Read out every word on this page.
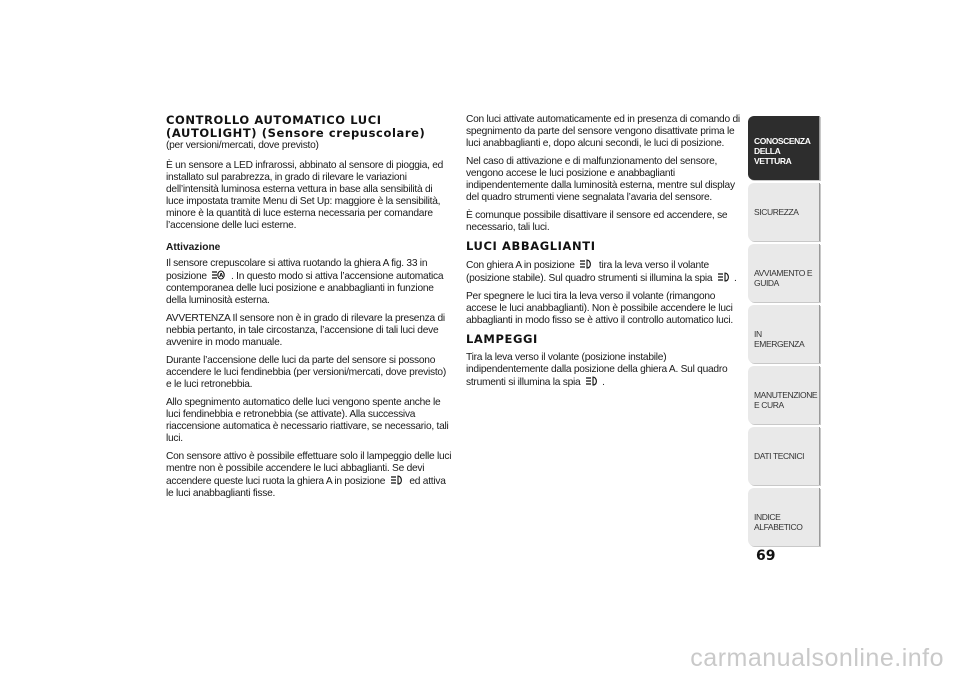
CONTROLLO AUTOMATICO LUCI
(AUTOLIGHT) (Sensore crepuscolare)
(per versioni/mercati, dove previsto)

È un sensore a LED infrarossi, abbinato al sensore di pioggia, ed installato sul parabrezza, in grado di rilevare le variazioni dell’intensità luminosa esterna vettura in base alla sensibilità di luce impostata tramite Menu di Set Up: maggiore è la sensibilità, minore è la quantità di luce esterna necessaria per comandare l’accensione delle luci esterne.

Attivazione

Il sensore crepuscolare si attiva ruotando la ghiera A fig. 33 in posizione	A . In questo modo si attiva l’accensione automatica contemporanea delle luci posizione e anabbaglianti in funzione della luminosità esterna.

AVVERTENZA Il sensore non è in grado di rilevare la presenza di nebbia pertanto, in tale circostanza, l’accensione di tali luci deve avvenire in modo manuale.

Durante l’accensione delle luci da parte del sensore si possono accendere le luci fendinebbia (per versioni/mercati, dove previsto) e le luci retronebbia.

Allo spegnimento automatico delle luci vengono spente anche le luci fendinebbia e retronebbia (se attivate). Alla successiva riaccensione automatica è necessario riattivare, se necessario, tali luci.

Con sensore attivo è possibile effettuare solo il lampeggio delle luci mentre non è possibile accendere le luci abbaglianti. Se devi accendere queste luci ruota la ghiera A in posizione ed attiva le luci anabbaglianti fisse.

Con luci attivate automaticamente ed in presenza di comando di spegnimento da parte del sensore vengono disattivate prima le luci anabbaglianti e, dopo alcuni secondi, le luci di posizione.

Nel caso di attivazione e di malfunzionamento del sensore, vengono accese le luci posizione e anabbaglianti indipendentemente dalla luminosità esterna, mentre sul display del quadro strumenti viene segnalata l’avaria del sensore.

È comunque possibile disattivare il sensore ed accendere, se necessario, tali luci.

LUCI ABBAGLIANTI

Con ghiera A in posizione tira la leva verso il volante (posizione stabile). Sul quadro strumenti si illumina la spia .

Per spegnere le luci tira la leva verso il volante (rimangono accese le luci anabbaglianti). Non è possibile accendere le luci abbaglianti in modo fisso se è attivo il controllo automatico luci.

LAMPEGGI

Tira la leva verso il volante (posizione instabile) indipendentemente dalla posizione della ghiera A. Sul quadro strumenti si illumina la spia .

CONOSCENZA DELLA VETTURA
SICUREZZA
AVVIAMENTO E GUIDA
IN EMERGENZA
MANUTENZIONE E CURA
DATI TECNICI
INDICE ALFABETICO
69
carmanualsonline.info
